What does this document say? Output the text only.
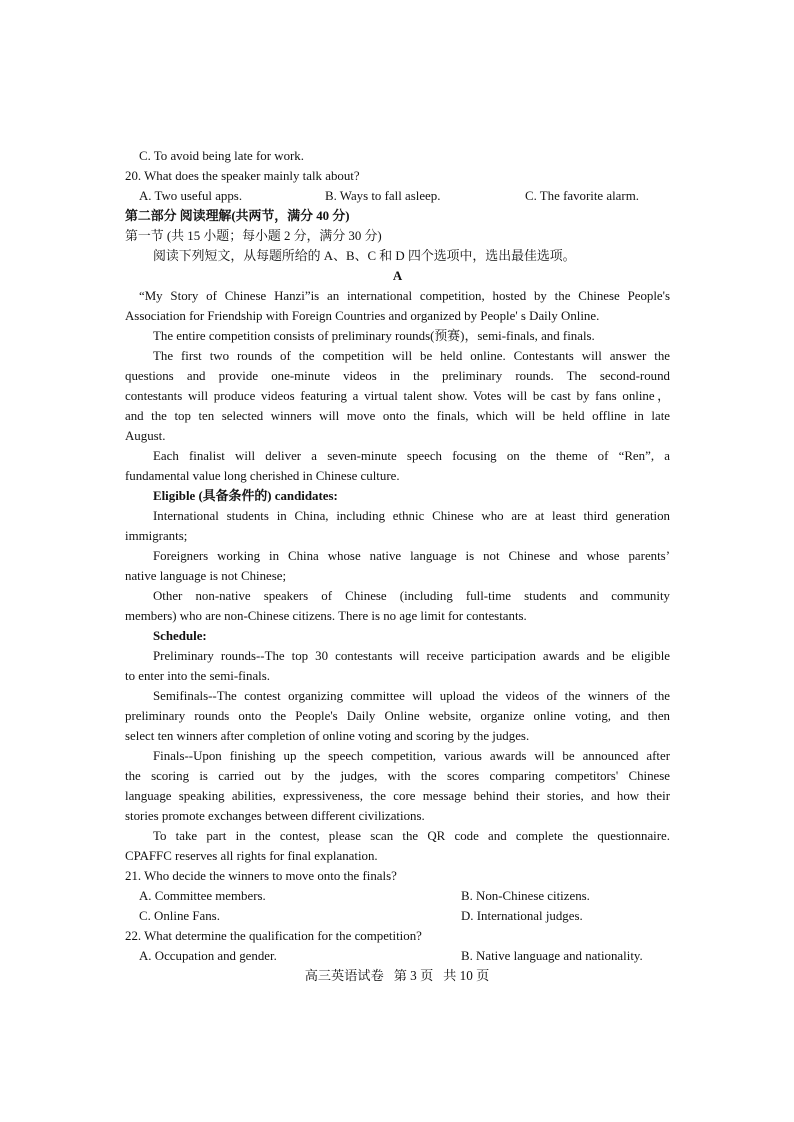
C. To avoid being late for work.
20. What does the speaker mainly talk about?
A. Two useful apps.	B. Ways to fall asleep.	C. The favorite alarm.
第二部分 阅读理解(共两节，满分 40 分)
第一节 (共 15 小题；每小题 2 分，满分 30 分)
阅读下列短文，从每题所给的 A、B、C 和 D 四个选项中，选出最佳选项。
A
“My Story of Chinese Hanzi”is an international competition, hosted by the Chinese People's
Association for Friendship with Foreign Countries and organized by People' s Daily Online.
The entire competition consists of preliminary rounds(预赛)，semi-finals, and finals.
The first two rounds of the competition will be held online. Contestants will answer the
questions and provide one-minute videos in the preliminary rounds. The second-round
contestants will produce videos featuring a virtual talent show. Votes will be cast by fans online，
and the top ten selected winners will move onto the finals, which will be held offline in late
August.
Each finalist will deliver a seven-minute speech focusing on the theme of “Ren”, a
fundamental value long cherished in Chinese culture.
Eligible (具备条件的) candidates:
International students in China, including ethnic Chinese who are at least third generation
immigrants;
Foreigners working in China whose native language is not Chinese and whose parents’
native language is not Chinese;
Other non-native speakers of Chinese (including full-time students and community
members) who are non-Chinese citizens. There is no age limit for contestants.
Schedule:
Preliminary rounds--The top 30 contestants will receive participation awards and be eligible
to enter into the semi-finals.
Semifinals--The contest organizing committee will upload the videos of the winners of the
preliminary rounds onto the People's Daily Online website, organize online voting, and then
select ten winners after completion of online voting and scoring by the judges.
Finals--Upon finishing up the speech competition, various awards will be announced after
the scoring is carried out by the judges, with the scores comparing competitors' Chinese
language speaking abilities, expressiveness, the core message behind their stories, and how their
stories promote exchanges between different civilizations.
To take part in the contest, please scan the QR code and complete the questionnaire.
CPAFFC reserves all rights for final explanation.
21. Who decide the winners to move onto the finals?
A. Committee members.	B. Non-Chinese citizens.
C. Online Fans.	D. International judges.
22. What determine the qualification for the competition?
A. Occupation and gender.	B. Native language and nationality.
高三英语试卷   第 3 页   共 10 页
